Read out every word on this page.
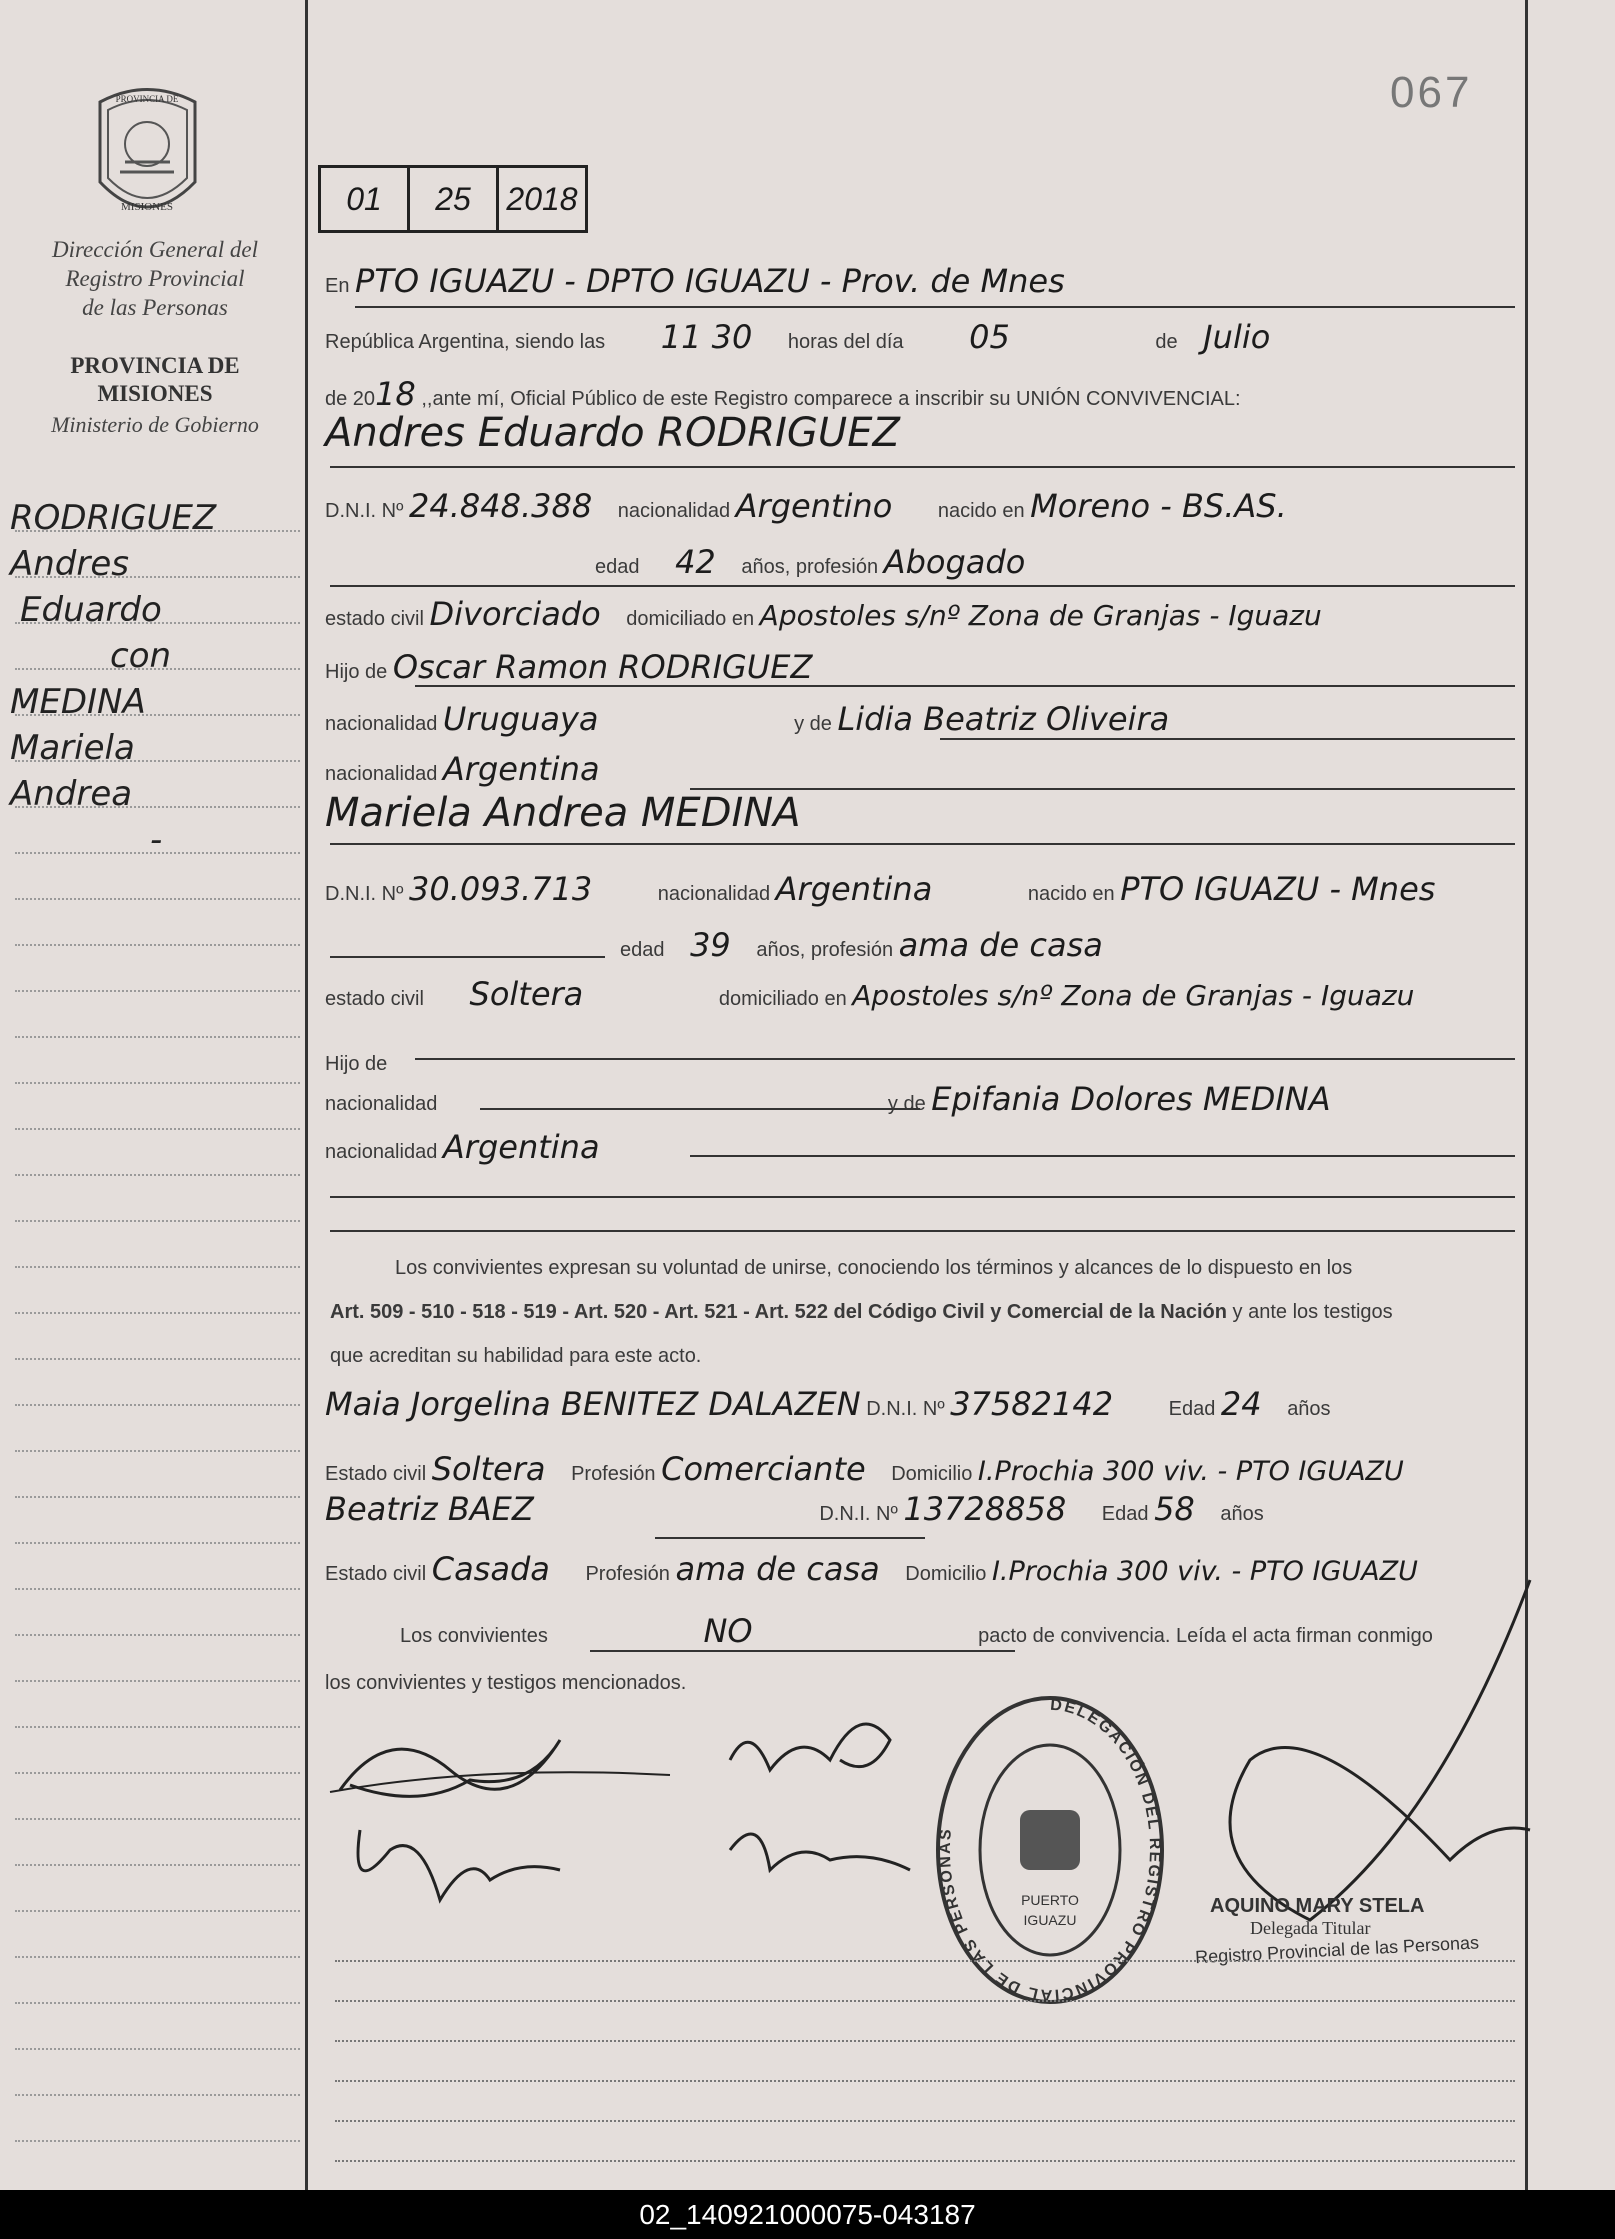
PROVINCIA DE
MISIONES
Dirección General del
Registro Provincial
de las Personas
PROVINCIA DE
MISIONES
Ministerio de Gobierno
RODRIGUEZ
Andres
Eduardo
con
MEDINA
Mariela
Andrea
-
067
01	25	2018
En PTO IGUAZU - DPTO IGUAZU - Prov. de Mnes
República Argentina, siendo las 11 30 horas del día 05	de Julio
de 2018 ,,ante mí, Oficial Público de este Registro comparece a inscribir su UNIÓN CONVIVENCIAL:
Andres Eduardo RODRIGUEZ
D.N.I. Nº 24.848.388 nacionalidad Argentino nacido en Moreno - BS.AS.
edad 42 años, profesión Abogado
estado civil Divorciado domiciliado en Apostoles s/nº Zona de Granjas - Iguazu
Hijo de Oscar Ramon RODRIGUEZ
nacionalidad Uruguaya	y de Lidia Beatriz Oliveira
nacionalidad Argentina
Mariela Andrea MEDINA
D.N.I. Nº 30.093.713	nacionalidad Argentina	nacido en PTO IGUAZU - Mnes
edad 39 años, profesión ama de casa
estado civil Soltera	domiciliado en Apostoles s/nº Zona de Granjas - Iguazu
Hijo de
nacionalidad	y de Epifania Dolores MEDINA
nacionalidad Argentina
Los convivientes expresan su voluntad de unirse, conociendo los términos y alcances de lo dispuesto en los
Art. 509 - 510 - 518 - 519 - Art. 520 - Art. 521 - Art. 522 del Código Civil y Comercial de la Nación y ante los testigos
que acreditan su habilidad para este acto.
Maia Jorgelina BENITEZ DALAZEN D.N.I. Nº 37582142	Edad 24 años
Estado civil Soltera Profesión Comerciante Domicilio I.Prochia 300 viv. - PTO IGUAZU
Beatriz BAEZ	D.N.I. Nº 13728858 Edad 58 años
Estado civil Casada Profesión ama de casa Domicilio I.Prochia 300 viv. - PTO IGUAZU
Los convivientes	NO	pacto de convivencia. Leída el acta firman conmigo
los convivientes y testigos mencionados.
DELEGACIÓN DEL REGISTRO PROVINCIAL DE LAS PERSONAS
PUERTO
IGUAZU
AQUINO MARY STELA
Delegada Titular
Registro Provincial de las Personas
02_140921000075-043187
